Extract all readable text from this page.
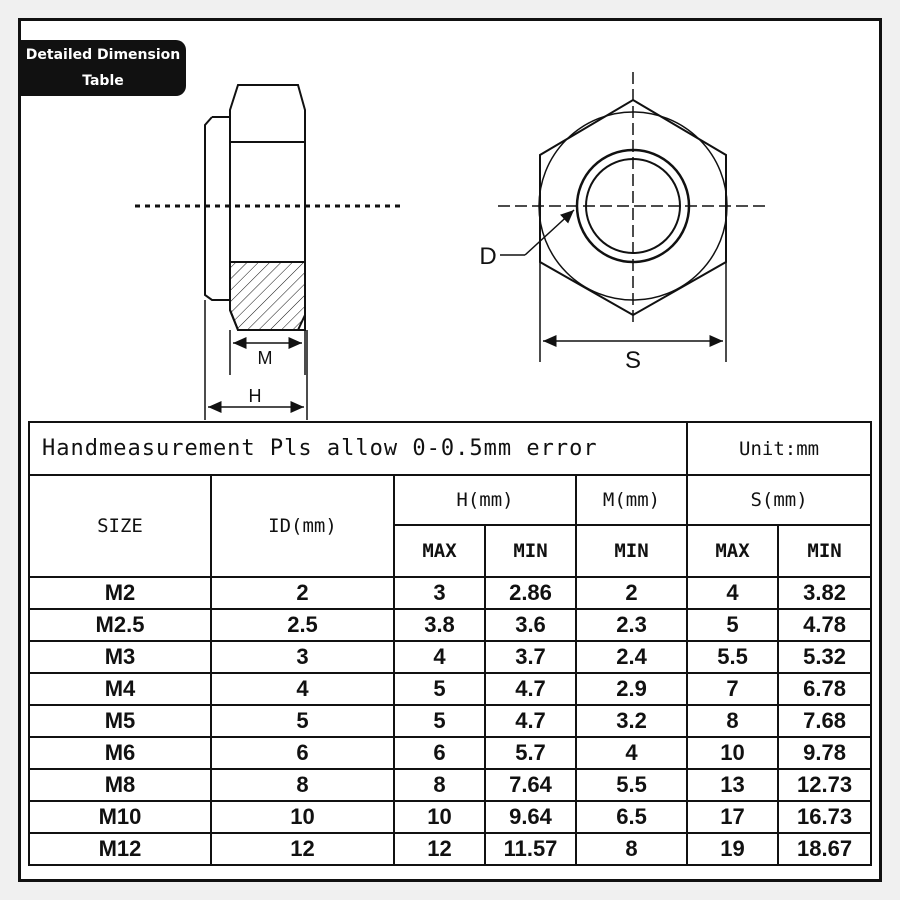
M
H
D
S
Detailed Dimension
Table
Handmeasurement Pls allow 0-0.5mm error					Unit:mm	
SIZE	ID(mm)	H(mm)		M(mm)	S(mm)	
		MAX	MIN	MIN	MAX	MIN
M2	2	3	2.86	2	4	3.82
M2.5	2.5	3.8	3.6	2.3	5	4.78
M3	3	4	3.7	2.4	5.5	5.32
M4	4	5	4.7	2.9	7	6.78
M5	5	5	4.7	3.2	8	7.68
M6	6	6	5.7	4	10	9.78
M8	8	8	7.64	5.5	13	12.73
M10	10	10	9.64	6.5	17	16.73
M12	12	12	11.57	8	19	18.67
